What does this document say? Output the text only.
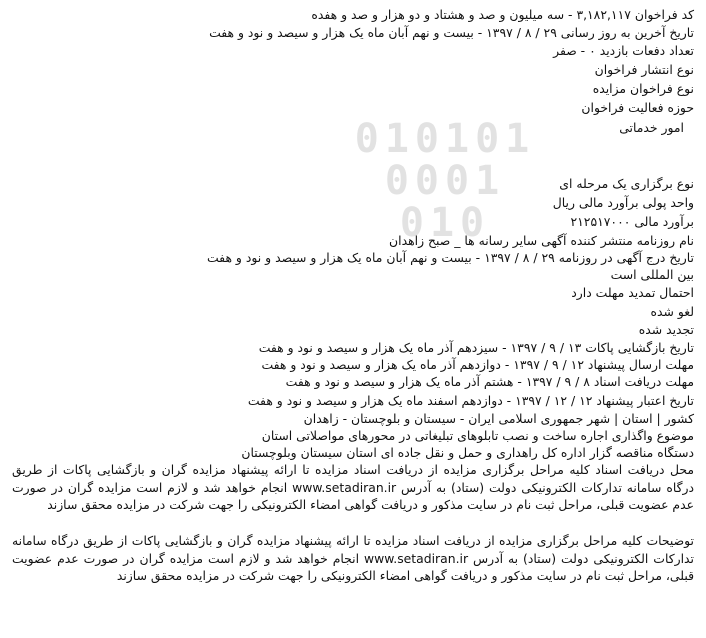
010101
0001
010
کد فراخوان ۳,۱۸۲,۱۱۷ - سه میلیون و صد و هشتاد و دو هزار و صد و هفده
تاریخ آخرین به روز رسانی ۲۹ / ۸ / ۱۳۹۷ - بیست و نهم آبان ماه یک هزار و سیصد و نود و هفت
تعداد دفعات بازدید ۰ - صفر
نوع انتشار فراخوان
نوع فراخوان مزایده
حوزه فعالیت فراخوان
امور خدماتی
نوع برگزاری یک مرحله ای
واحد پولی برآورد مالی ریال
برآورد مالی ۲۱۲۵۱۷۰۰۰
نام روزنامه منتشر کننده آگهی سایر رسانه ها _ صبح زاهدان
تاریخ درج آگهی در روزنامه ۲۹ / ۸ / ۱۳۹۷ - بیست و نهم آبان ماه یک هزار و سیصد و نود و هفت
بین المللی است
احتمال تمدید مهلت دارد
لغو شده
تجدید شده
تاریخ بازگشایی پاکات ۱۳ / ۹ / ۱۳۹۷ - سیزدهم آذر ماه یک هزار و سیصد و نود و هفت
مهلت ارسال پیشنهاد ۱۲ / ۹ / ۱۳۹۷ - دوازدهم آذر ماه یک هزار و سیصد و نود و هفت
مهلت دریافت اسناد ۸ / ۹ / ۱۳۹۷ - هشتم آذر ماه یک هزار و سیصد و نود و هفت
تاریخ اعتبار پیشنهاد ۱۲ / ۱۲ / ۱۳۹۷ - دوازدهم اسفند ماه یک هزار و سیصد و نود و هفت
کشور | استان | شهر جمهوری اسلامی ایران - سیستان و بلوچستان - زاهدان
موضوع واگذاری اجاره ساخت و نصب تابلوهای تبلیغاتی در محورهای مواصلاتی استان
دستگاه مناقصه گزار اداره کل راهداری و حمل و نقل جاده ای استان سیستان وبلوچستان
محل دریافت اسناد کلیه مراحل برگزاری مزایده از دریافت اسناد مزایده تا ارائه پیشنهاد مزایده گران و بازگشایی پاکات از طریق درگاه سامانه تدارکات الکترونیکی دولت (ستاد) به آدرس www.setadiran.ir انجام خواهد شد و لازم است مزایده گران در صورت عدم عضویت قبلی، مراحل ثبت نام در سایت مذکور و دریافت گواهی امضاء الکترونیکی را جهت شرکت در مزایده محقق سازند
توضیحات کلیه مراحل برگزاری مزایده از دریافت اسناد مزایده تا ارائه پیشنهاد مزایده گران و بازگشایی پاکات از طریق درگاه سامانه تدارکات الکترونیکی دولت (ستاد) به آدرس www.setadiran.ir انجام خواهد شد و لازم است مزایده گران در صورت عدم عضویت قبلی، مراحل ثبت نام در سایت مذکور و دریافت گواهی امضاء الکترونیکی را جهت شرکت در مزایده محقق سازند
